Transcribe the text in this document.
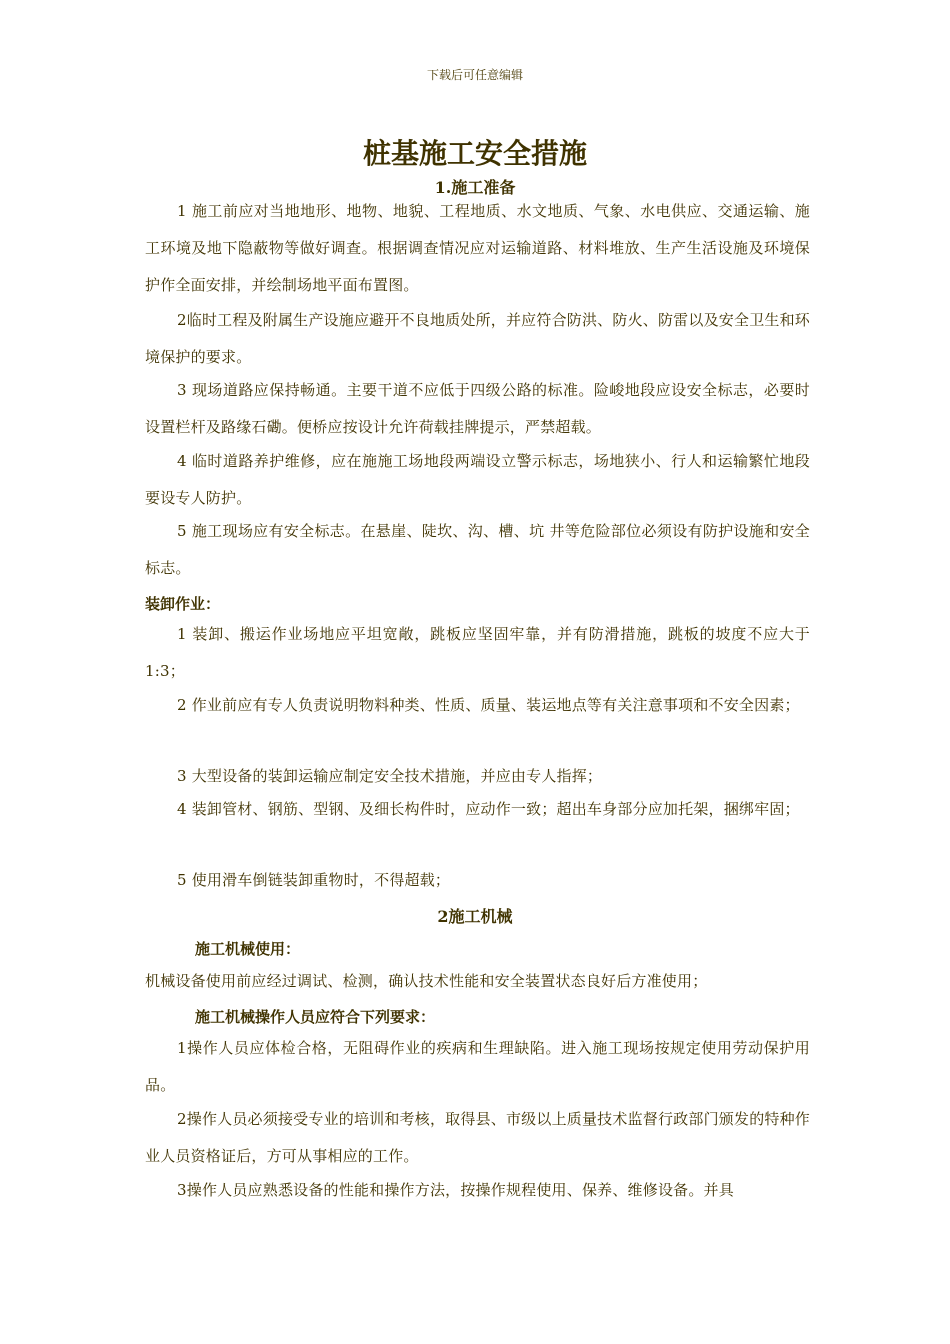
下载后可任意编辑
桩基施工安全措施
1.施工准备
1 施工前应对当地地形、地物、地貌、工程地质、水文地质、气象、水电供应、交通运输、施工环境及地下隐蔽物等做好调查。根据调查情况应对运输道路、材料堆放、生产生活设施及环境保护作全面安排，并绘制场地平面布置图。
2临时工程及附属生产设施应避开不良地质处所，并应符合防洪、防火、防雷以及安全卫生和环境保护的要求。
3 现场道路应保持畅通。主要干道不应低于四级公路的标准。险峻地段应设安全标志，必要时设置栏杆及路缘石磡。便桥应按设计允许荷载挂牌提示，严禁超载。
4 临时道路养护维修，应在施施工场地段两端设立警示标志，场地狭小、行人和运输繁忙地段要设专人防护。
5 施工现场应有安全标志。在悬崖、陡坎、沟、槽、坑 井等危险部位必须设有防护设施和安全标志。
装卸作业：
1 装卸、搬运作业场地应平坦宽敞，跳板应坚固牢靠，并有防滑措施，跳板的坡度不应大于1:3；
2 作业前应有专人负责说明物料种类、性质、质量、装运地点等有关注意事项和不安全因素；
3 大型设备的装卸运输应制定安全技术措施，并应由专人指挥；
4 装卸管材、钢筋、型钢、及细长构件时，应动作一致；超出车身部分应加托架，捆绑牢固；
5 使用滑车倒链装卸重物时，不得超载；
2施工机械
施工机械使用：
机械设备使用前应经过调试、检测，确认技术性能和安全装置状态良好后方准使用；
施工机械操作人员应符合下列要求：
1操作人员应体检合格，无阻碍作业的疾病和生理缺陷。进入施工现场按规定使用劳动保护用品。
2操作人员必须接受专业的培训和考核，取得县、市级以上质量技术监督行政部门颁发的特种作业人员资格证后，方可从事相应的工作。
3操作人员应熟悉设备的性能和操作方法，按操作规程使用、保养、维修设备。并具
